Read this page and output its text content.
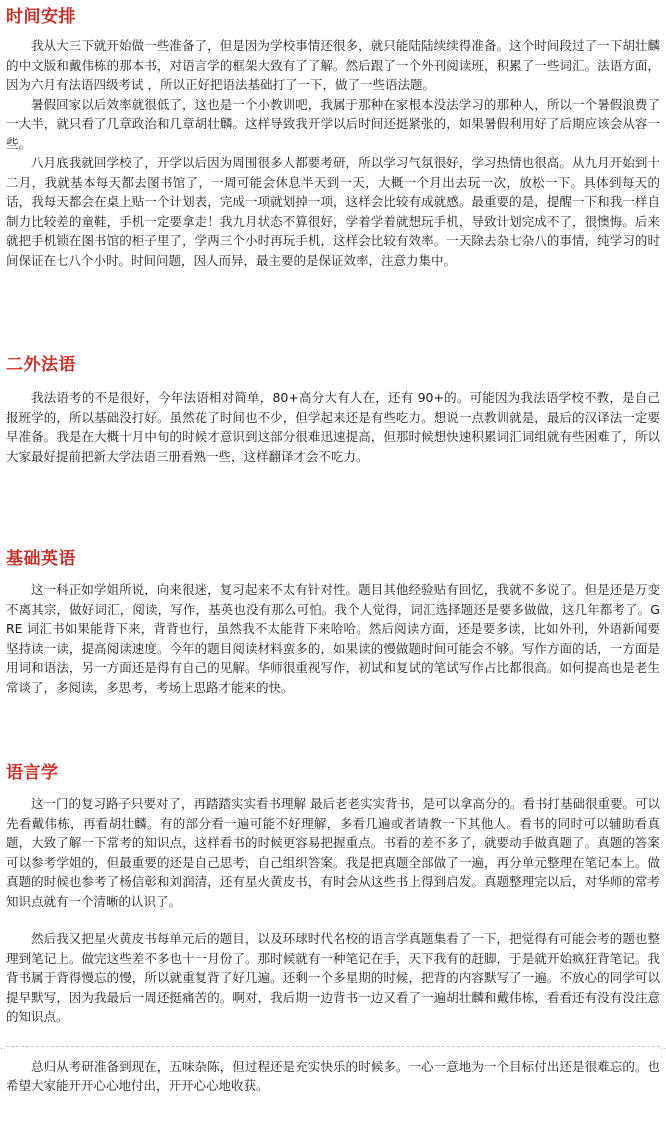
时间安排

我从大三下就开始做一些准备了，但是因为学校事情还很多，就只能陆陆续续得准备。这个时间段过了一下胡壮麟的中文版和戴伟栋的那本书，对语言学的框架大致有了了解。然后跟了一个外刊阅读班，积累了一些词汇。法语方面，因为六月有法语四级考试 ，所以正好把语法基础打了一下，做了一些语法题。

暑假回家以后效率就很低了，这也是一个小教训吧，我属于那种在家根本没法学习的那种人，所以一个暑假浪费了一大半，就只看了几章政治和几章胡壮麟。这样导致我开学以后时间还挺紧张的，如果暑假利用好了后期应该会从容一些。

八月底我就回学校了，开学以后因为周围很多人都要考研，所以学习气氛很好，学习热情也很高。从九月开始到十二月，我就基本每天都去图书馆了，一周可能会休息半天到一天，大概一个月出去玩一次，放松一下。具体到每天的话，我每天都会在桌上贴一个计划表，完成一项就划掉一项，这样会比较有成就感。最重要的是，提醒一下和我一样自制力比较差的童鞋，手机一定要拿走！我九月状态不算很好，学着学着就想玩手机，导致计划完成不了，很懊悔。后来就把手机锁在图书馆的柜子里了，学两三个小时再玩手机，这样会比较有效率。一天除去杂七杂八的事情，纯学习的时间保证在七八个小时。时间问题，因人而异，最主要的是保证效率，注意力集中。

二外法语

我法语考的不是很好，今年法语相对简单，80+高分大有人在，还有 90+的。可能因为我法语学校不教，是自己报班学的，所以基础没打好。虽然花了时间也不少，但学起来还是有些吃力。想说一点教训就是，最后的汉译法一定要早准备。我是在大概十月中旬的时候才意识到这部分很难迅速提高，但那时候想快速积累词汇词组就有些困难了，所以大家最好提前把新大学法语三册看熟一些，这样翻译才会不吃力。

基础英语

这一科正如学姐所说，向来很迷，复习起来不太有针对性。题目其他经验贴有回忆，我就不多说了。但是还是万变不离其宗，做好词汇，阅读，写作，基英也没有那么可怕。我个人觉得，词汇选择题还是要多做做，这几年都考了。GRE 词汇书如果能背下来，背背也行，虽然我不太能背下来哈哈。然后阅读方面，还是要多读，比如外刊，外语新闻要坚持读一读，提高阅读速度。今年的题目阅读材料蛮多的，如果读的慢做题时间可能会不够。写作方面的话，一方面是用词和语法，另一方面还是得有自己的见解。华师很重视写作，初试和复试的笔试写作占比都很高。如何提高也是老生常谈了，多阅读，多思考，考场上思路才能来的快。

语言学

这一门的复习路子只要对了，再踏踏实实看书理解 最后老老实实背书，是可以拿高分的。看书打基础很重要。可以先看戴伟栋，再看胡壮麟。有的部分看一遍可能不好理解，多看几遍或者请教一下其他人。看书的同时可以辅助看真题，大致了解一下常考的知识点，这样看书的时候更容易把握重点。书看的差不多了，就要动手做真题了。真题的答案可以参考学姐的，但最重要的还是自己思考，自己组织答案。我是把真题全部做了一遍，再分单元整理在笔记本上。做真题的时候也参考了杨信彰和刘润清，还有星火黄皮书，有时会从这些书上得到启发。真题整理完以后，对华师的常考知识点就有一个清晰的认识了。

然后我又把星火黄皮书每单元后的题目，以及环球时代名校的语言学真题集看了一下，把觉得有可能会考的题也整理到笔记上。做完这些差不多也十一月份了。那时候就有一种笔记在手，天下我有的赶脚，于是就开始疯狂背笔记。我背书属于背得慢忘的慢，所以就重复背了好几遍。还剩一个多星期的时候，把背的内容默写了一遍。不放心的同学可以提早默写，因为我最后一周还挺痛苦的。啊对，我后期一边背书一边又看了一遍胡壮麟和戴伟栋，看看还有没有没注意的知识点。

总归从考研准备到现在，五味杂陈，但过程还是充实快乐的时候多。一心一意地为一个目标付出还是很难忘的。也希望大家能开开心心地付出，开开心心地收获。

‥	‥
